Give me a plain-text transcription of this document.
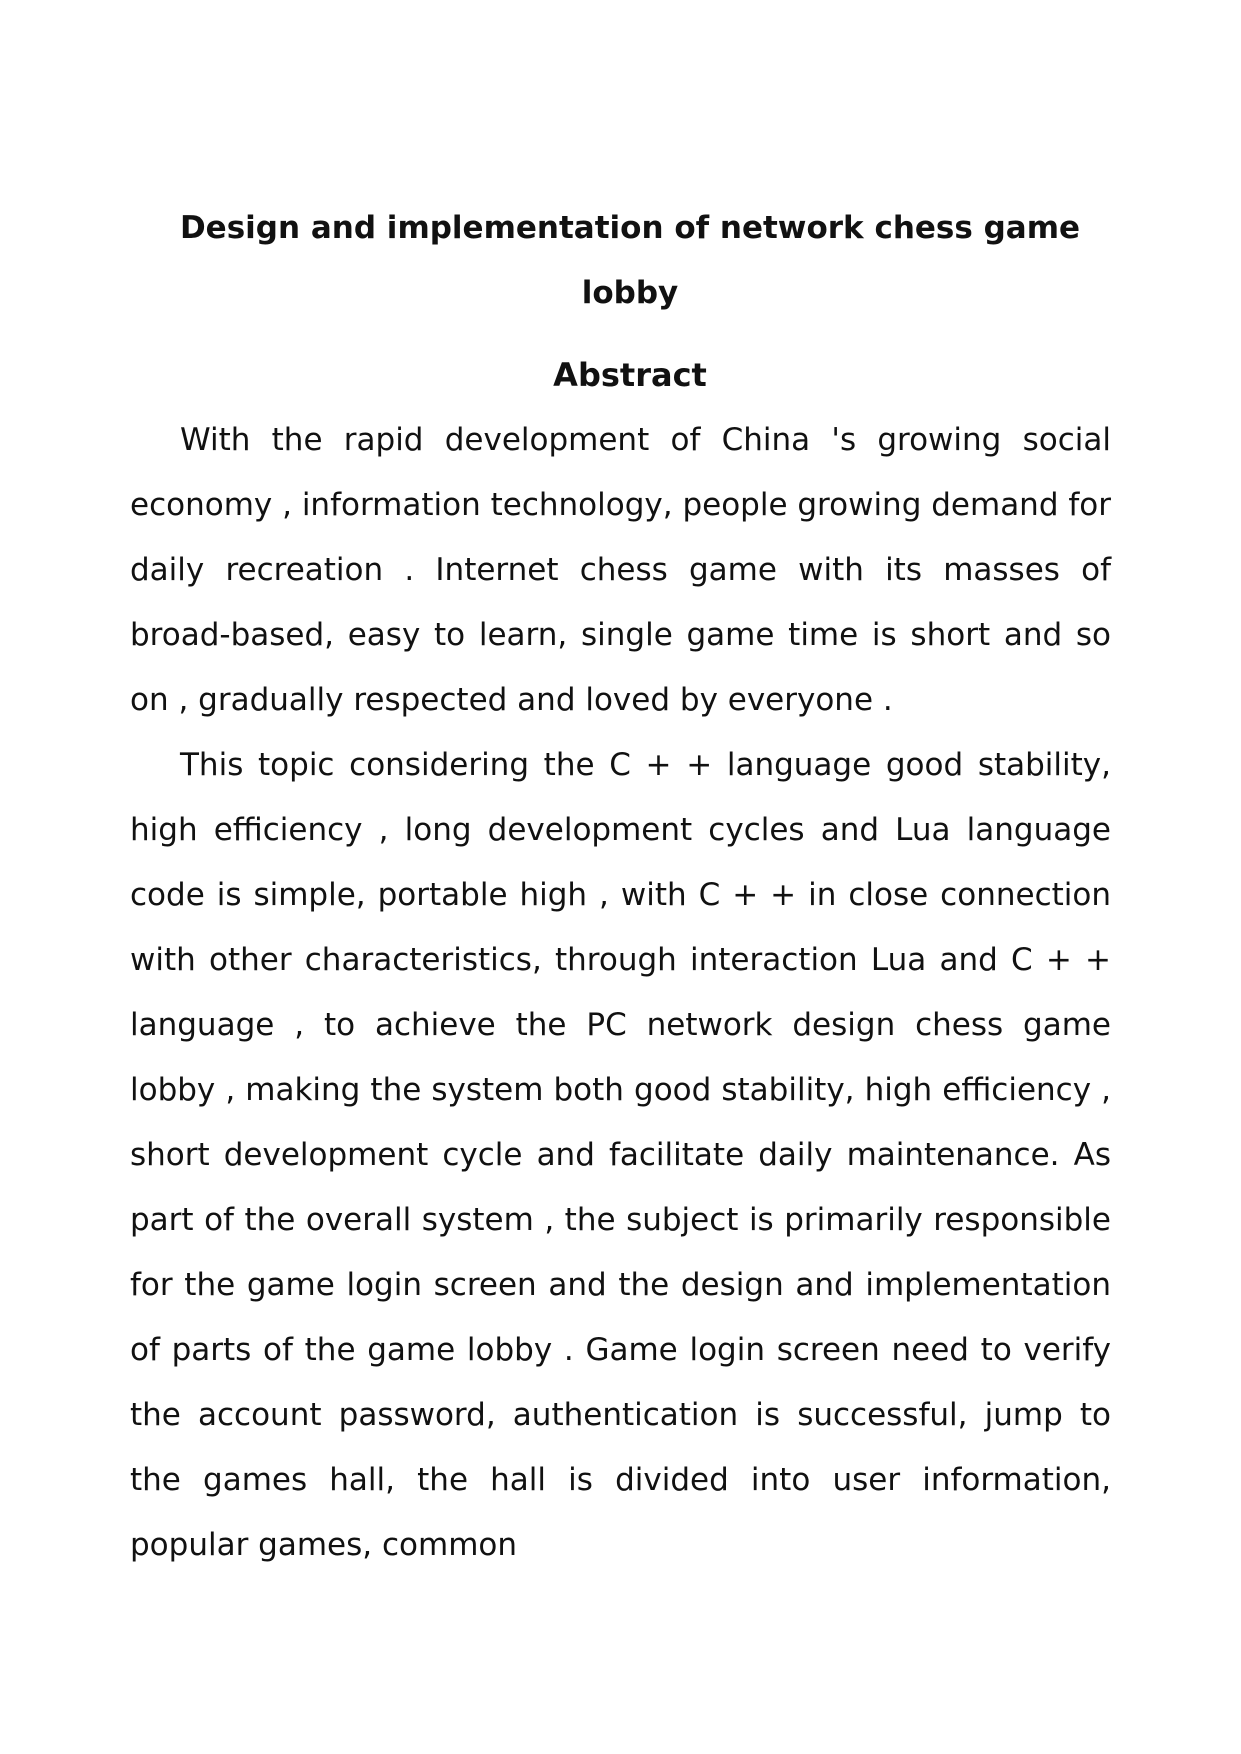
Design and implementation of network chess game
lobby
Abstract

With the rapid development of China 's growing social economy , information technology, people growing demand for daily recreation . Internet chess game with its masses of broad-based, easy to learn, single game time is short and so on , gradually respected and loved by everyone .

This topic considering the C + + language good stability, high efficiency , long development cycles and Lua language code is simple, portable high , with C + + in close connection with other characteristics, through interaction Lua and C + + language , to achieve the PC network design chess game lobby , making the system both good stability, high efficiency , short development cycle and facilitate daily maintenance. As part of the overall system , the subject is primarily responsible for the game login screen and the design and implementation of parts of the game lobby . Game login screen need to verify the account password, authentication is successful, jump to the games hall, the hall is divided into user information, popular games, common
